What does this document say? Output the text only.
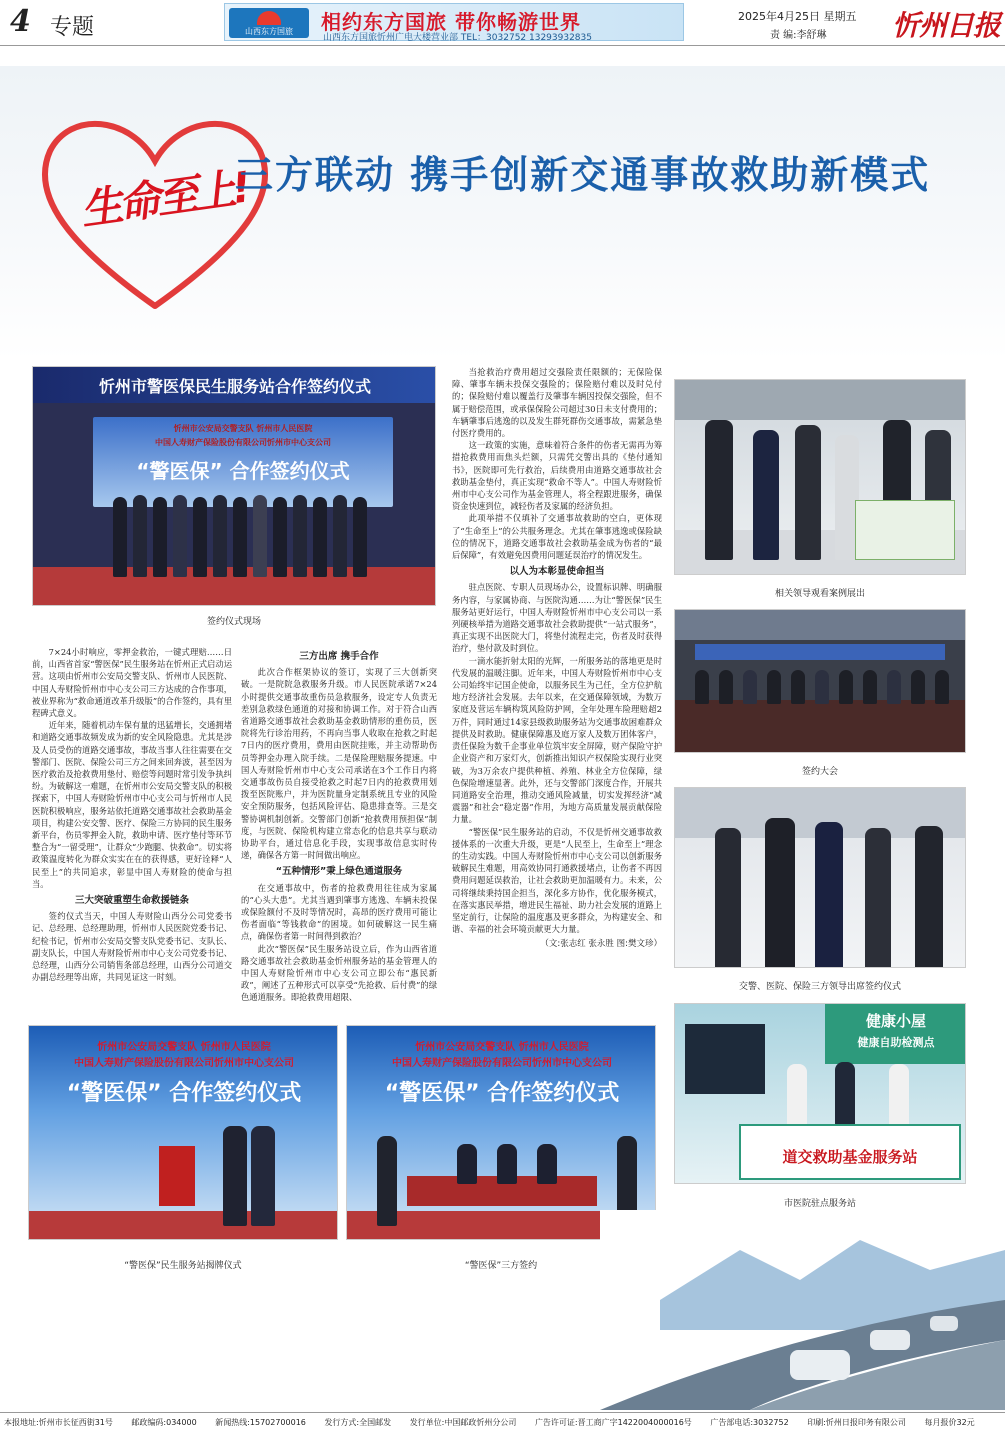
4 专题	山西东方国旅	相约东方国旅 带你畅游世界
山西东方国旅忻州广电大楼营业部 TEL：3032752 13293932835
2025年4月25日 星期五
责 编:李舒琳 忻州日报
生命至上!
三方联动 携手创新交通事故救助新模式
忻州市警医保民生服务站合作签约仪式
忻州市公安局交警支队 忻州市人民医院
中国人寿财产保险股份有限公司忻州市中心支公司
“警医保” 合作签约仪式
签约仪式现场

7×24小时响应，零押金救治，一键式理赔……日前，山西省首家“警医保”民生服务站在忻州正式启动运营。这项由忻州市公安局交警支队、忻州市人民医院、中国人寿财险忻州市中心支公司三方达成的合作事项，被业界称为“救命通道改革升级版”的合作签约，具有里程碑式意义。

近年来，随着机动车保有量的迅猛增长，交通拥堵和道路交通事故频发成为新的安全风险隐患。尤其是涉及人员受伤的道路交通事故，事故当事人往往需要在交警部门、医院、保险公司三方之间来回奔波，甚至因为医疗救治及抢救费用垫付、赔偿等问题时常引发争执纠纷。为破解这一难题，在忻州市公安局交警支队的积极探索下，中国人寿财险忻州市中心支公司与忻州市人民医院积极响应，服务站依托道路交通事故社会救助基金项目，构建公安交警、医疗、保险三方协同的民生服务新平台，伤员零押金入院，救助申请、医疗垫付等环节整合为“一留受理”，让群众“少跑腿、快救命”。切实将政策温度转化为群众实实在在的获得感，更好诠释“人民至上”的共同追求，彰显中国人寿财险的使命与担当。

三大突破重塑生命救援链条

签约仪式当天，中国人寿财险山西分公司党委书记、总经理、总经理助理，忻州市人民医院党委书记、纪检书记，忻州市公安局交警支队党委书记、支队长、副支队长，中国人寿财险忻州市中心支公司党委书记、总经理，山西分公司销售条部总经理，山西分公司道交办副总经理等出席，共同见证这一时刻。

三方出席 携手合作

此次合作框架协议的签订，实现了三大创新突破。一是院院急救服务升级。市人民医院承诺7×24小时提供交通事故重伤员急救服务，设定专人负责无差别急救绿色通道的对接和协调工作。对于符合山西省道路交通事故社会救助基金救助情形的重伤员，医院将先行诊治用药，不再向当事人收取在抢救之时起7日内的医疗费用，费用由医院挂账，并主动帮助伤员等押金办理入院手续。二是保险理赔服务提速。中国人寿财险忻州市中心支公司承诺在3个工作日内将交通事故伤员自接受抢救之时起7日内的抢救费用划拨至医院账户，并为医院量身定制系统且专业的风险安全预防服务，包括风险评估、隐患排查等。三是交警协调机制创新。交警部门创新“抢救费用预担保”制度，与医院、保险机构建立常态化的信息共享与联动协助平台，通过信息化手段，实现事故信息实时传递，确保各方第一时间做出响应。

“五种情形”秉上绿色通道服务

在交通事故中，伤者的抢救费用往往成为家属的“心头大患”。尤其当遇到肇事方逃逸、车辆未投保或保险额付不及时等情况时，高昂的医疗费用可能让伤者面临“等钱救命”的困境。如何破解这一民生痛点，确保伤者第一时间得到救治？

此次“警医保”民生服务站设立后，作为山西省道路交通事故社会救助基金忻州服务站的基金管理人的中国人寿财险忻州市中心支公司立即公布“惠民新政”，阐述了五种形式可以享受“先抢救、后付费”的绿色通道服务。即抢救费用超限、

当抢救治疗费用超过交强险责任限额的；无保险保障、肇事车辆未投保交强险的；保险赔付难以及时兑付的；保险赔付难以覆盖行及肇事车辆因投保交强险，但不属于赔偿范围，或承保保险公司超过30日未支付费用的；车辆肇事后逃逸的以及发生群死群伤交通事故，需紧急垫付医疗费用的。

这一政策的实施，意味着符合条件的伤者无需再为筹措抢救费用而焦头烂额，只需凭交警出具的《垫付通知书》，医院即可先行救治，后续费用由道路交通事故社会救助基金垫付，真正实现“救命不等人”。中国人寿财险忻州市中心支公司作为基金管理人，将全程跟进服务，确保资金快速到位，减轻伤者及家属的经济负担。

此项举措不仅填补了交通事故救助的空白，更体现了“生命至上”的公共服务理念。尤其在肇事逃逸或保险缺位的情况下，道路交通事故社会救助基金成为伤者的“最后保障”，有效避免因费用问题延误治疗的情况发生。

以人为本彰显使命担当

驻点医院、专职人员现场办公，设置标识牌、明确服务内容，与家属协商、与医院沟通……为让“警医保”民生服务站更好运行，中国人寿财险忻州市中心支公司以一系列硬核举措为道路交通事故社会救助提供“一站式服务”，真正实现不出医院大门，将垫付流程走完，伤者及时获得治疗，垫付款及时到位。

一滴水能折射太阳的光辉，一所服务站的落地更是时代发展的温暖注脚。近年来，中国人寿财险忻州市中心支公司始终牢记国企使命，以服务民生为己任，全方位护航地方经济社会发展。去年以来，在交通保障领域，为数万家庭及营运车辆构筑风险防护网，全年处理车险理赔超2万件，同时通过14家县级救助服务站为交通事故困难群众提供及时救助。健康保障惠及庭万家人及数万团体客户，责任保险为数千企事业单位筑牢安全屏障，财产保险守护企业资产和万家灯火，创新推出知识产权保险实现行业突破，为3万余农户提供种植、养殖、林业全方位保障，绿色保险增速显著。此外，还与交警部门深度合作，开展共同道路安全治理，推动交通风险减量，切实发挥经济“减震器”和社会“稳定器”作用，为地方高质量发展贡献保险力量。

“警医保”民生服务站的启动，不仅是忻州交通事故救援体系的一次重大升级，更是“人民至上，生命至上”理念的生动实践。中国人寿财险忻州市中心支公司以创新服务破解民生难题，用高效协同打通救援堵点，让伤者不再因费用问题延误救治，让社会救助更加温暖有力。未来，公司将继续秉持国企担当，深化多方协作，优化服务模式，在落实惠民举措，增进民生福祉、助力社会发展的道路上坚定前行，让保险的温度惠及更多群众，为构建安全、和谐、幸福的社会环境贡献更大力量。

（文:张志红 张永胜 图:樊文珍）

相关领导观看案例展出
签约大会
交警、医院、保险三方领导出席签约仪式
健康小屋
健康自助检测点
道交救助基金服务站
市医院驻点服务站
忻州市公安局交警支队 忻州市人民医院
中国人寿财产保险股份有限公司忻州市中心支公司
“警医保” 合作签约仪式
“警医保”民生服务站揭牌仪式
忻州市公安局交警支队 忻州市人民医院
中国人寿财产保险股份有限公司忻州市中心支公司
“警医保” 合作签约仪式
“警医保”三方签约
本报地址:忻州市长征西街31号 邮政编码:034000 新闻热线:15702700016 发行方式:全国邮发 发行单位:中国邮政忻州分公司 广告许可证:晋工商广字1422004000016号 广告部电话:3032752 印刷:忻州日报印务有限公司 每月报价32元
